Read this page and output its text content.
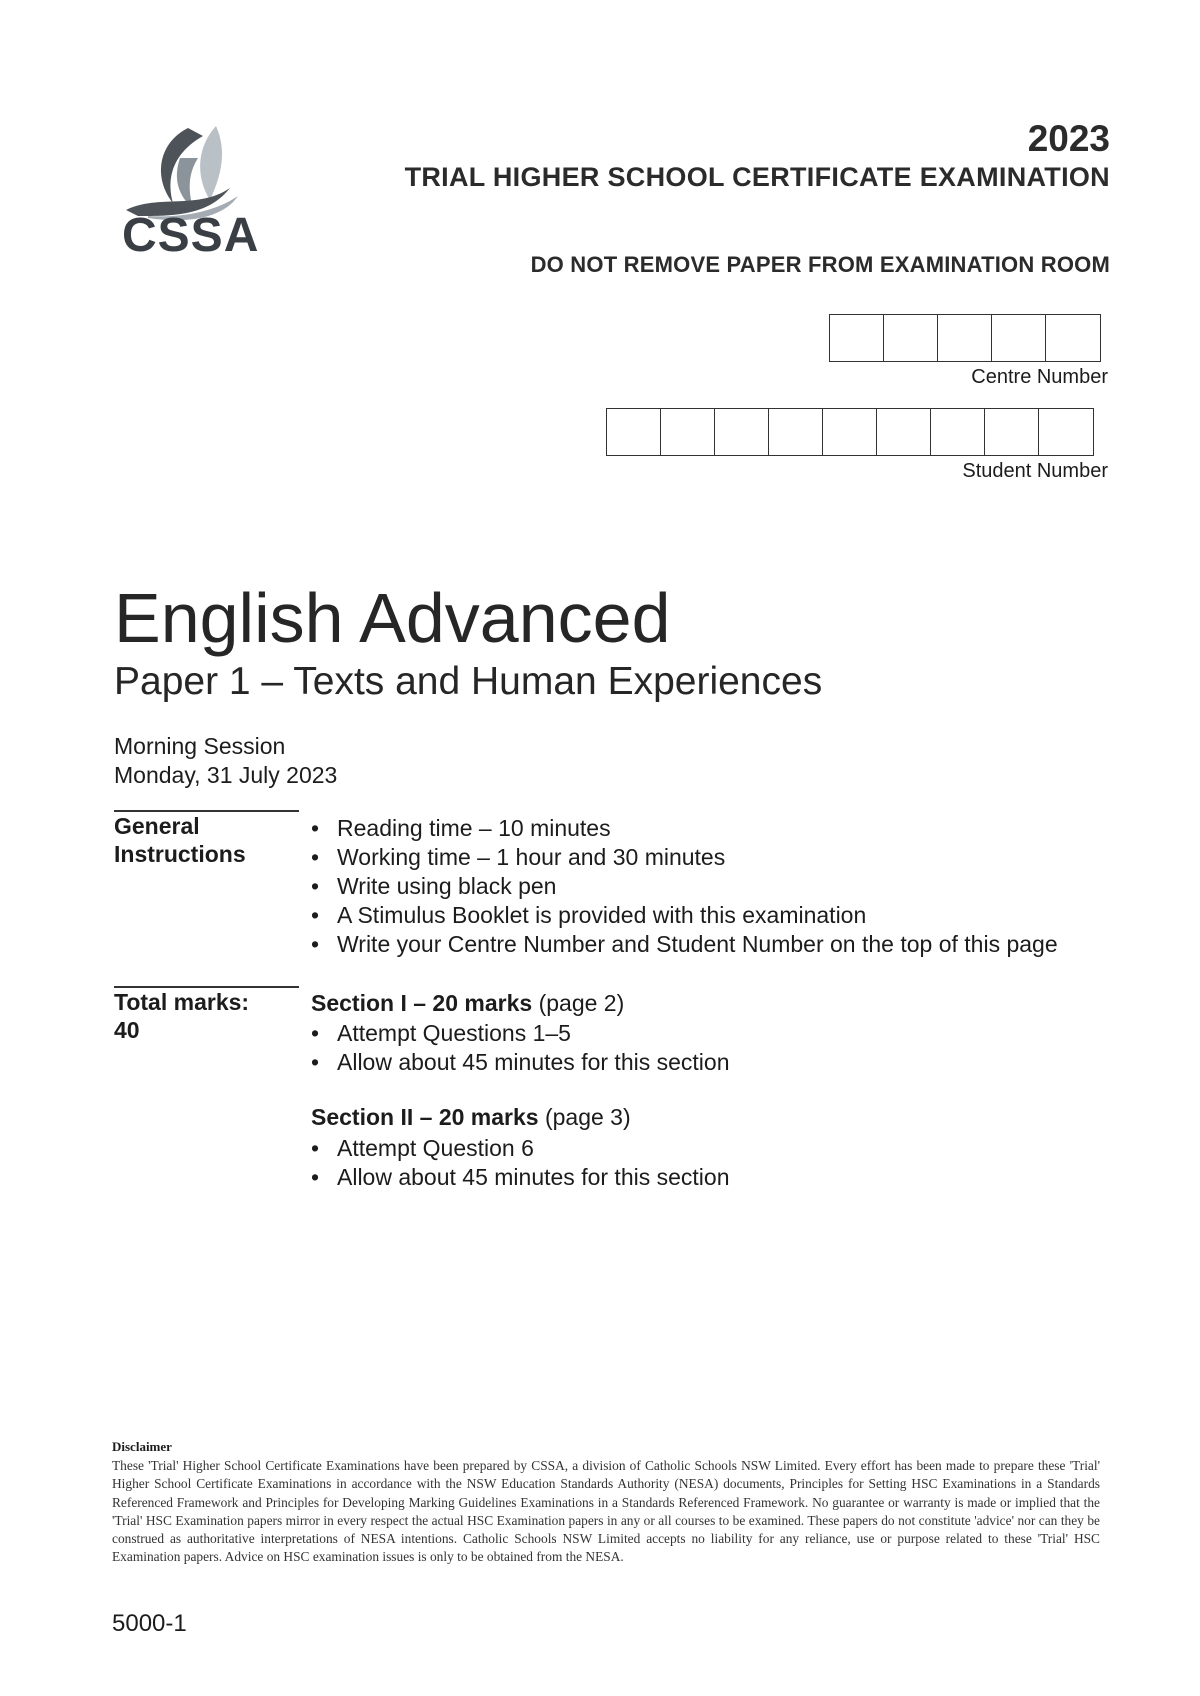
CSSA
2023
TRIAL HIGHER SCHOOL CERTIFICATE EXAMINATION
DO NOT REMOVE PAPER FROM EXAMINATION ROOM
Centre Number
Student Number
English Advanced
Paper 1 – Texts and Human Experiences
Morning Session
Monday, 31 July 2023
General
Instructions
• Reading time – 10 minutes
• Working time – 1 hour and 30 minutes
• Write using black pen
• A Stimulus Booklet is provided with this examination
• Write your Centre Number and Student Number on the top of this page
Total marks:
40
Section I – 20 marks (page 2)
• Attempt Questions 1–5
• Allow about 45 minutes for this section
Section II – 20 marks (page 3)
• Attempt Question 6
• Allow about 45 minutes for this section
Disclaimer
These 'Trial' Higher School Certificate Examinations have been prepared by CSSA, a division of Catholic Schools NSW Limited. Every effort has been made to prepare these 'Trial' Higher School Certificate Examinations in accordance with the NSW Education Standards Authority (NESA) documents, Principles for Setting HSC Examinations in a Standards Referenced Framework and Principles for Developing Marking Guidelines Examinations in a Standards Referenced Framework. No guarantee or warranty is made or implied that the 'Trial' HSC Examination papers mirror in every respect the actual HSC Examination papers in any or all courses to be examined. These papers do not constitute 'advice' nor can they be construed as authoritative interpretations of NESA intentions. Catholic Schools NSW Limited accepts no liability for any reliance, use or purpose related to these 'Trial' HSC Examination papers. Advice on HSC examination issues is only to be obtained from the NESA.
5000-1
